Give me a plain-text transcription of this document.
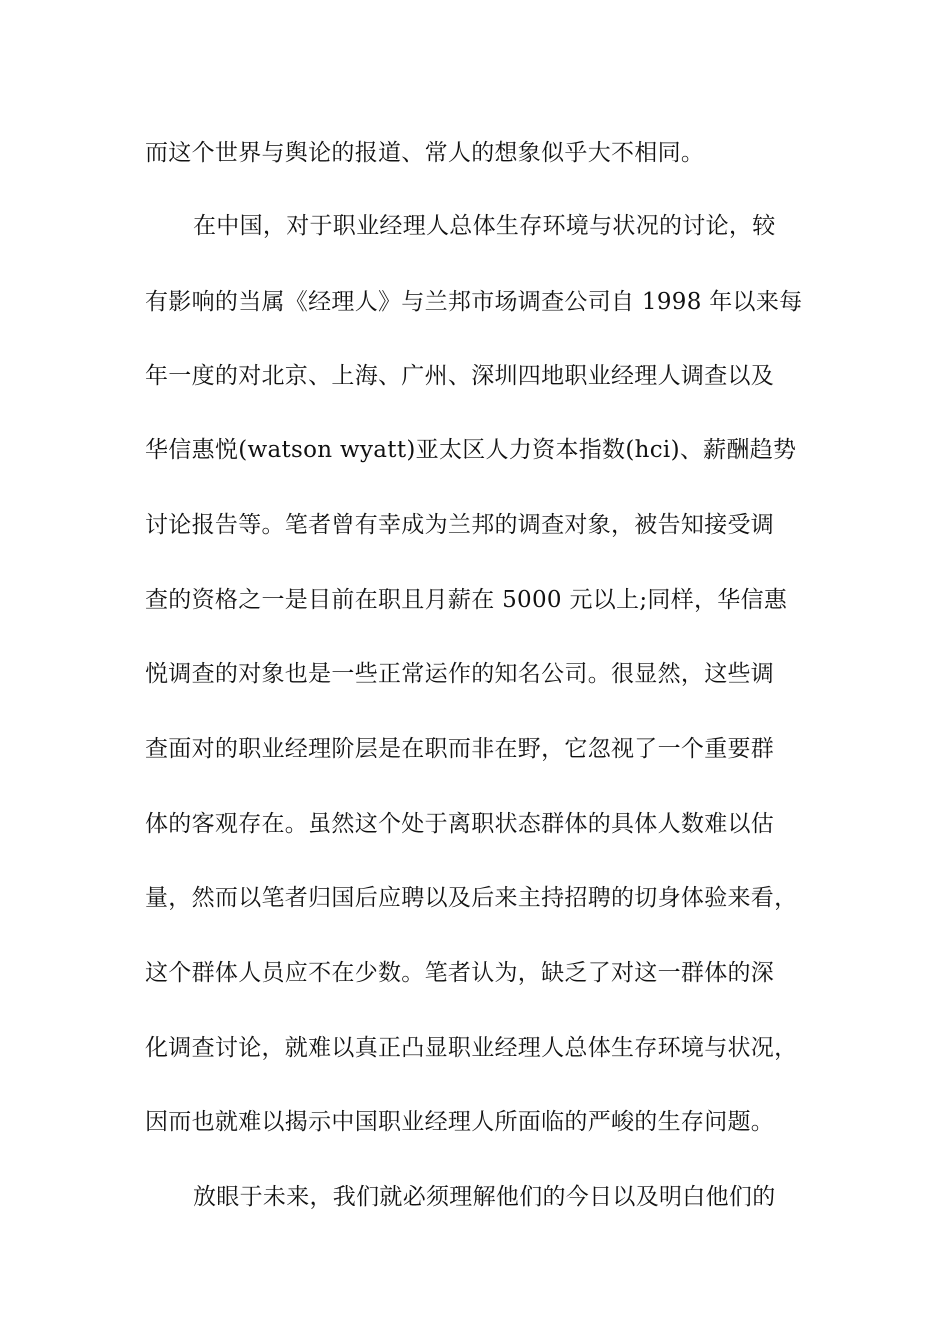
而这个世界与舆论的报道、常人的想象似乎大不相同。
在中国，对于职业经理人总体生存环境与状况的讨论，较
有影响的当属《经理人》与兰邦市场调查公司自 1998 年以来每
年一度的对北京、上海、广州、深圳四地职业经理人调查以及
华信惠悦(watson wyatt)亚太区人力资本指数(hci)、薪酬趋势
讨论报告等。笔者曾有幸成为兰邦的调查对象，被告知接受调
查的资格之一是目前在职且月薪在 5000 元以上;同样，华信惠
悦调查的对象也是一些正常运作的知名公司。很显然，这些调
查面对的职业经理阶层是在职而非在野，它忽视了一个重要群
体的客观存在。虽然这个处于离职状态群体的具体人数难以估
量，然而以笔者归国后应聘以及后来主持招聘的切身体验来看，
这个群体人员应不在少数。笔者认为，缺乏了对这一群体的深
化调查讨论，就难以真正凸显职业经理人总体生存环境与状况，
因而也就难以揭示中国职业经理人所面临的严峻的生存问题。
放眼于未来，我们就必须理解他们的今日以及明白他们的
